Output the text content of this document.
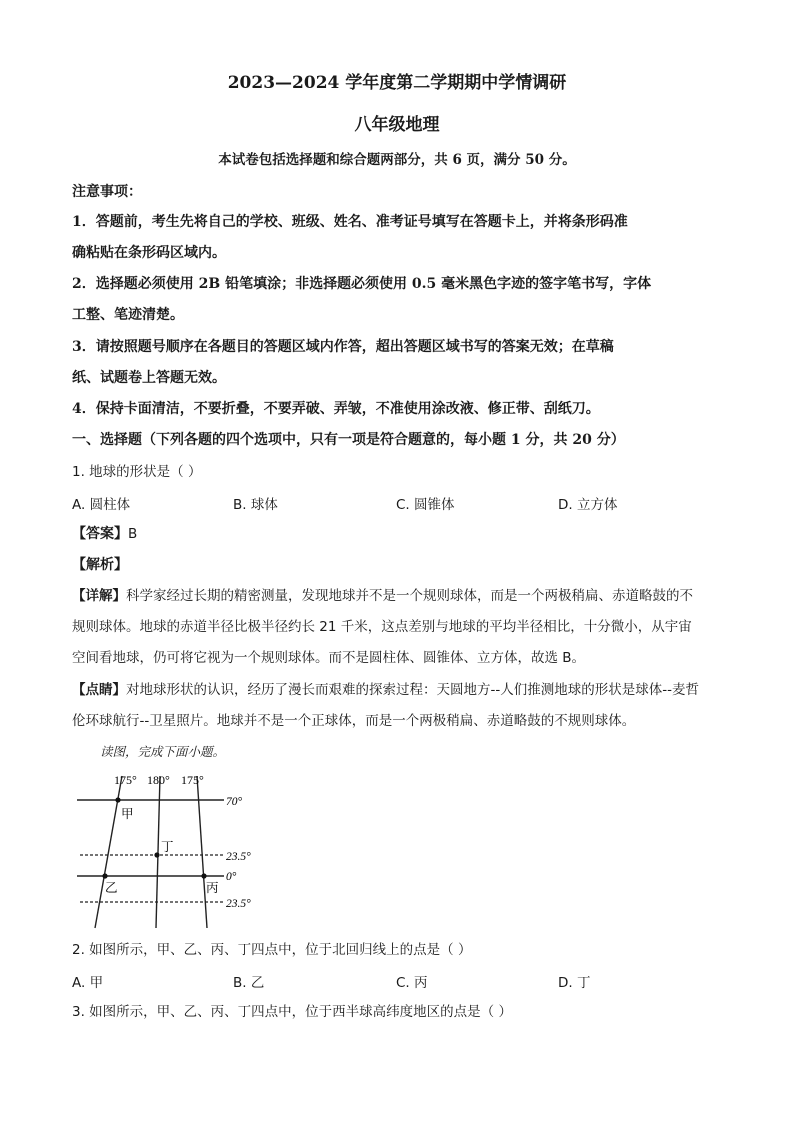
2023—2024 学年度第二学期期中学情调研
八年级地理
本试卷包括选择题和综合题两部分，共 6 页，满分 50 分。
注意事项：
1．答题前，考生先将自己的学校、班级、姓名、准考证号填写在答题卡上，并将条形码准
确粘贴在条形码区域内。
2．选择题必须使用 2B 铅笔填涂；非选择题必须使用 0.5 毫米黑色字迹的签字笔书写，字体
工整、笔迹清楚。
3．请按照题号顺序在各题目的答题区域内作答，超出答题区域书写的答案无效；在草稿
纸、试题卷上答题无效。
4．保持卡面清洁，不要折叠，不要弄破、弄皱，不准使用涂改液、修正带、刮纸刀。
一、选择题（下列各题的四个选项中，只有一项是符合题意的，每小题 1 分，共 20 分）
1. 地球的形状是（ ）
A. 圆柱体	B. 球体	C. 圆锥体	D. 立方体
【答案】B
【解析】
【详解】科学家经过长期的精密测量，发现地球并不是一个规则球体，而是一个两极稍扁、赤道略鼓的不
规则球体。地球的赤道半径比极半径约长 21 千米，这点差别与地球的平均半径相比，十分微小，从宇宙
空间看地球，仍可将它视为一个规则球体。而不是圆柱体、圆锥体、立方体，故选 B。
【点睛】对地球形状的认识，经历了漫长而艰难的探索过程：天圆地方--人们推测地球的形状是球体--麦哲
伦环球航行--卫星照片。地球并不是一个正球体，而是一个两极稍扁、赤道略鼓的不规则球体。
读图，完成下面小题。
175° 180° 175°
70°
23.5°
0°
23.5°
甲
丁
乙	丙
2. 如图所示，甲、乙、丙、丁四点中，位于北回归线上的点是（ ）
A. 甲	B. 乙	C. 丙	D. 丁
3. 如图所示，甲、乙、丙、丁四点中，位于西半球高纬度地区的点是（ ）
